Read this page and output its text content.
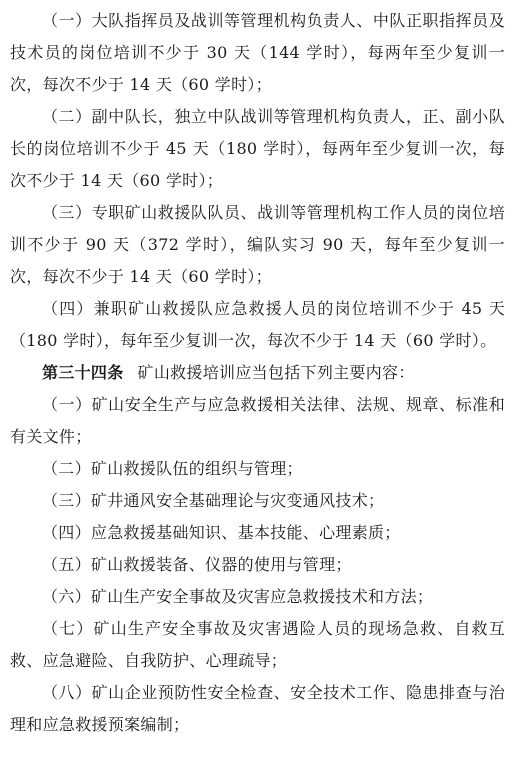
（一）大队指挥员及战训等管理机构负责人、中队正职指挥员及技术员的岗位培训不少于 30 天（144 学时），每两年至少复训一次，每次不少于 14 天（60 学时）；

（二）副中队长，独立中队战训等管理机构负责人，正、副小队长的岗位培训不少于 45 天（180 学时），每两年至少复训一次，每次不少于 14 天（60 学时）；

（三）专职矿山救援队队员、战训等管理机构工作人员的岗位培训不少于 90 天（372 学时），编队实习 90 天，每年至少复训一次，每次不少于 14 天（60 学时）；

（四）兼职矿山救援队应急救援人员的岗位培训不少于 45 天（180 学时），每年至少复训一次，每次不少于 14 天（60 学时）。

第三十四条 矿山救援培训应当包括下列主要内容：

（一）矿山安全生产与应急救援相关法律、法规、规章、标准和有关文件；

（二）矿山救援队伍的组织与管理；

（三）矿井通风安全基础理论与灾变通风技术；

（四）应急救援基础知识、基本技能、心理素质；

（五）矿山救援装备、仪器的使用与管理；

（六）矿山生产安全事故及灾害应急救援技术和方法；

（七）矿山生产安全事故及灾害遇险人员的现场急救、自救互救、应急避险、自我防护、心理疏导；

（八）矿山企业预防性安全检查、安全技术工作、隐患排查与治理和应急救援预案编制；
